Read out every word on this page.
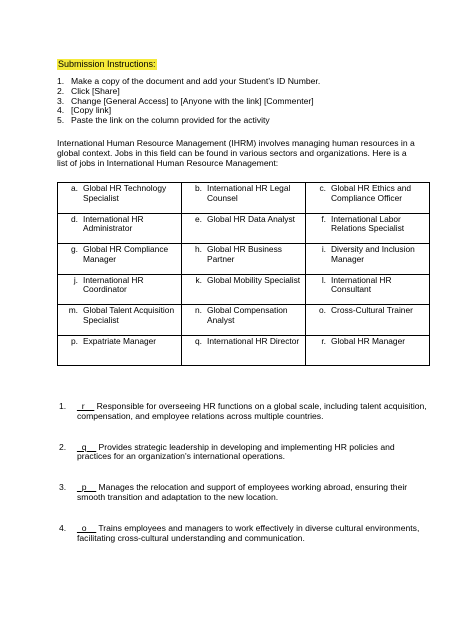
Submission Instructions:
1. Make a copy of the document and add your Student’s ID Number.
2. Click [Share]
3. Change [General Access] to [Anyone with the link] [Commenter]
4. [Copy link]
5. Paste the link on the column provided for the activity

International Human Resource Management (IHRM) involves managing human resources in a global context. Jobs in this field can be found in various sectors and organizations. Here is a list of jobs in International Human Resource Management:

a. Global HR Technology Specialist	b. International HR Legal Counsel	c. Global HR Ethics and Compliance Officer

d. International HR Administrator	e. Global HR Data Analyst	f. International Labor Relations Specialist

g. Global HR Compliance Manager	h. Global HR Business Partner	i. Diversity and Inclusion Manager

j. International HR Coordinator	k. Global Mobility Specialist	l. International HR Consultant

m. Global Talent Acquisition Specialist	n. Global Compensation Analyst	o. Cross-Cultural Trainer

p. Expatriate Manager	q. International HR Director	r. Global HR Manager
1.	_r__ Responsible for overseeing HR functions on a global scale, including talent acquisition, compensation, and employee relations across multiple countries.
2.	_q__ Provides strategic leadership in developing and implementing HR policies and practices for an organization's international operations.
3.	_p__ Manages the relocation and support of employees working abroad, ensuring their smooth transition and adaptation to the new location.
4.	_o__ Trains employees and managers to work effectively in diverse cultural environments, facilitating cross-cultural understanding and communication.
